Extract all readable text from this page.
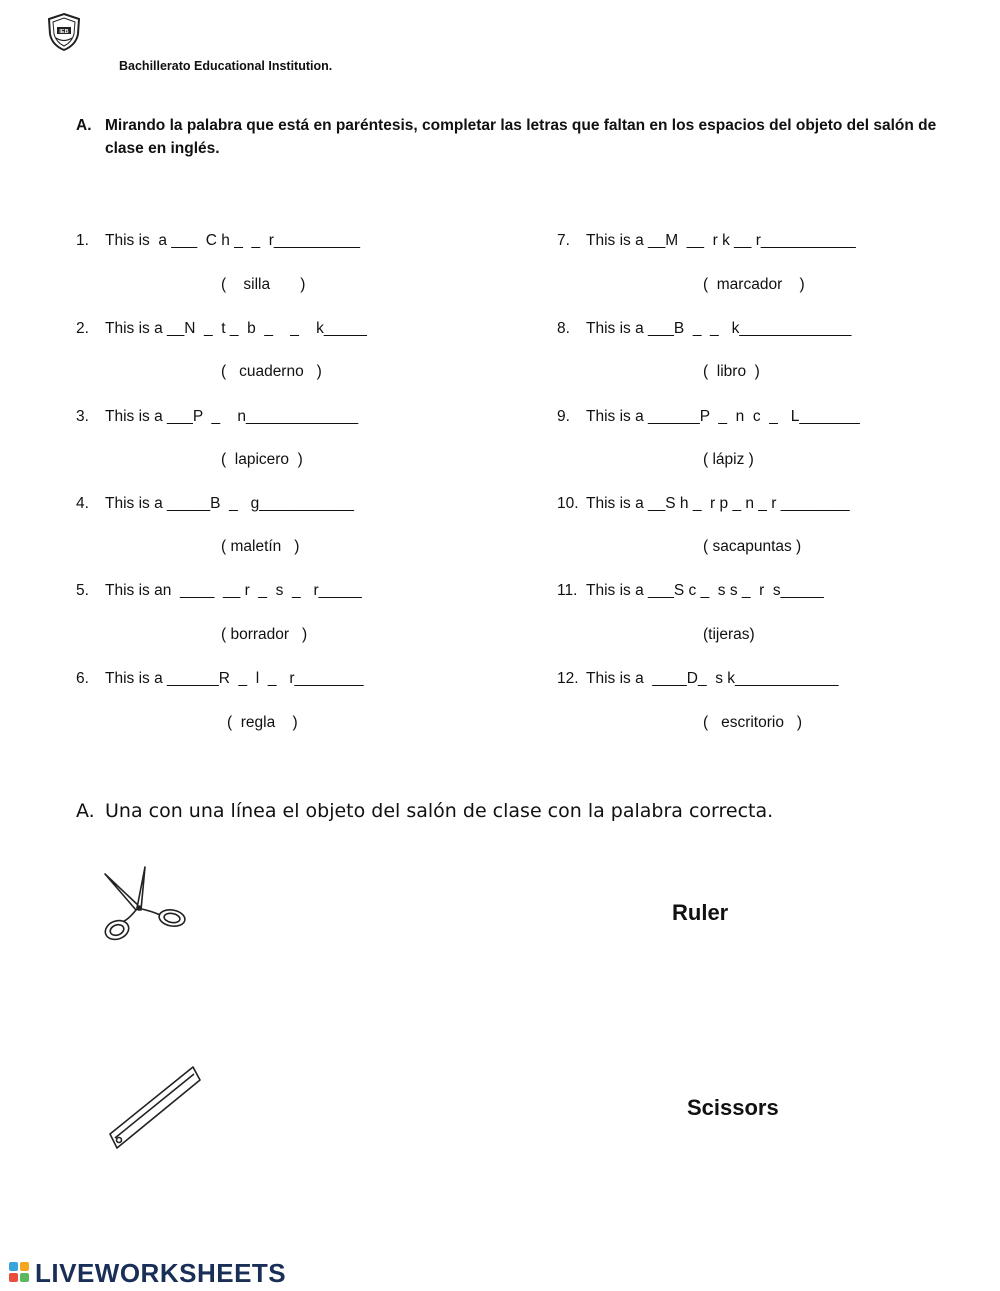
IEB
Bachillerato Educational Institution.
A. Mirando la palabra que está en paréntesis, completar las letras que faltan en los espacios del objeto del salón de clase en inglés.
1. This is  a ___  C h _  _  r__________
(    silla       )
2. This is a __N  _  t _  b  _    _    k_____
(   cuaderno   )
3. This is a ___P  _    n_____________
(  lapicero  )
4. This is a _____B  _   g___________
( maletín   )
5. This is an  ____  __ r  _  s  _   r_____
( borrador   )
6. This is a ______R  _  l  _   r________
(  regla    )
7. This is a __M  __  r k __ r___________
(  marcador    )
8. This is a ___B  _  _   k_____________
(  libro  )
9. This is a ______P  _  n  c  _   L_______
( lápiz )
10. This is a __S h _  r p _ n _ r ________
( sacapuntas )
11. This is a ___S c _  s s _  r  s_____
(tijeras)
12. This is a  ____D_  s k____________
(   escritorio   )
A. Una con una línea el objeto del salón de clase con la palabra correcta.
Ruler
Scissors
LIVEWORKSHEETS
